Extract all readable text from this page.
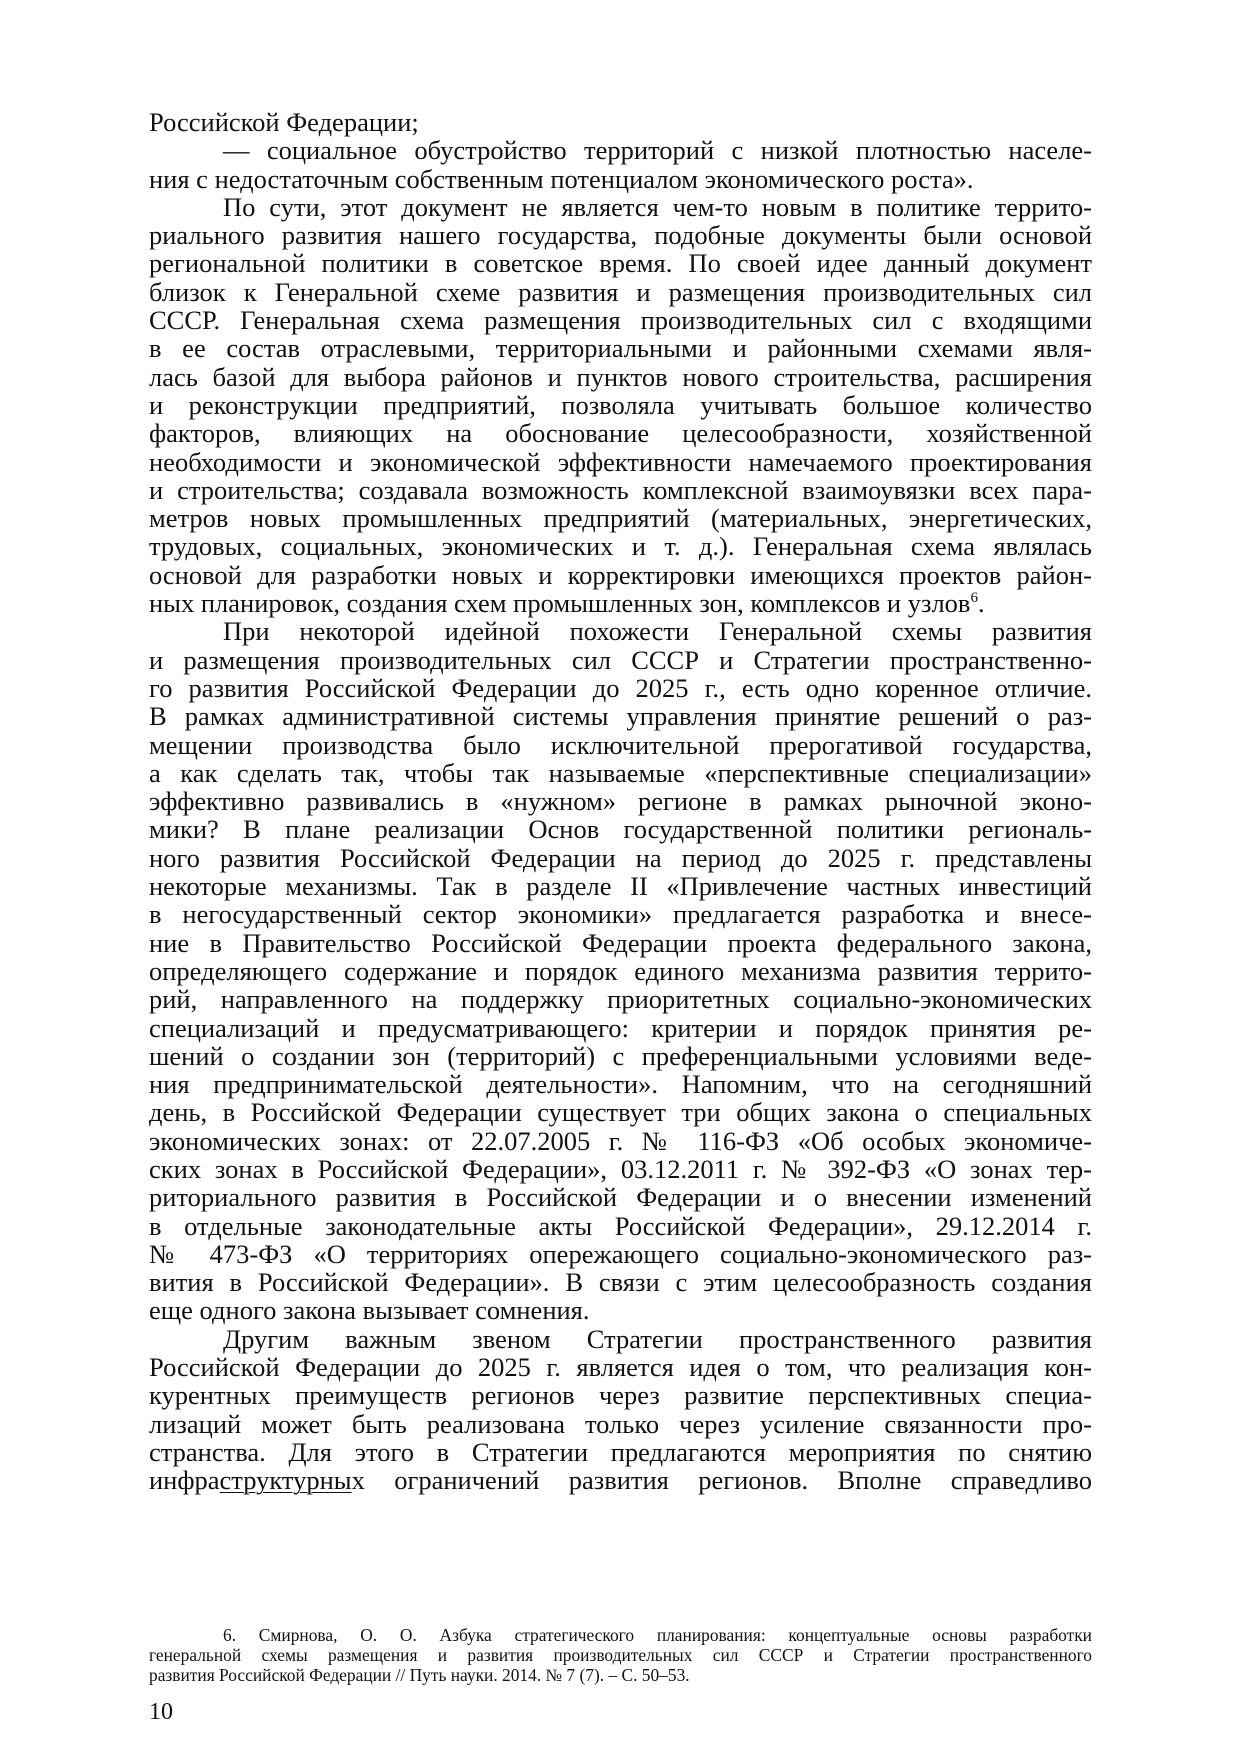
Российской Федерации;
— социальное обустройство территорий с низкой плотностью населе-
ния с недостаточным собственным потенциалом экономического роста».
По сути, этот документ не является чем-то новым в политике террито-
риального развития нашего государства, подобные документы были основой
региональной политики в советское время. По своей идее данный документ
близок к Генеральной схеме развития и размещения производительных сил
СССР. Генеральная схема размещения производительных сил с входящими
в ее состав отраслевыми, территориальными и районными схемами явля-
лась базой для выбора районов и пунктов нового строительства, расширения
и реконструкции предприятий, позволяла учитывать большое количество
факторов, влияющих на обоснование целесообразности, хозяйственной
необходимости и экономической эффективности намечаемого проектирования
и строительства; создавала возможность комплексной взаимоувязки всех пара-
метров новых промышленных предприятий (материальных, энергетических,
трудовых, социальных, экономических и т. д.). Генеральная схема являлась
основой для разработки новых и корректировки имеющихся проектов район-
ных планировок, создания схем промышленных зон, комплексов и узлов$^6$.
При некоторой идейной похожести Генеральной схемы развития
и размещения производительных сил СССР и Стратегии пространственно-
го развития Российской Федерации до 2025 г., есть одно коренное отличие.
В рамках административной системы управления принятие решений о раз-
мещении производства было исключительной прерогативой государства,
а как сделать так, чтобы так называемые «перспективные специализации»
эффективно развивались в «нужном» регионе в рамках рыночной эконо-
мики? В плане реализации Основ государственной политики региональ-
ного развития Российской Федерации на период до 2025 г. представлены
некоторые механизмы. Так в разделе II «Привлечение частных инвестиций
в негосударственный сектор экономики» предлагается разработка и внесе-
ние в Правительство Российской Федерации проекта федерального закона,
определяющего содержание и порядок единого механизма развития террито-
рий, направленного на поддержку приоритетных социально-экономических
специализаций и предусматривающего: критерии и порядок принятия ре-
шений о создании зон (территорий) с преференциальными условиями веде-
ния предпринимательской деятельности». Напомним, что на сегодняшний
день, в Российской Федерации существует три общих закона о специальных
экономических зонах: от 22.07.2005 г. № 116-ФЗ «Об особых экономиче-
ских зонах в Российской Федерации», 03.12.2011 г. № 392-ФЗ «О зонах тер-
риториального развития в Российской Федерации и о внесении изменений
в отдельные законодательные акты Российской Федерации», 29.12.2014 г.
№ 473-ФЗ «О территориях опережающего социально-экономического раз-
вития в Российской Федерации». В связи с этим целесообразность создания
еще одного закона вызывает сомнения.
Другим важным звеном Стратегии пространственного развития
Российской Федерации до 2025 г. является идея о том, что реализация кон-
курентных преимуществ регионов через развитие перспективных специа-
лизаций может быть реализована только через усиление связанности про-
странства. Для этого в Стратегии предлагаются мероприятия по снятию
инфраструктурных ограничений развития регионов. Вполне справедливо
6. Смирнова, О. О. Азбука стратегического планирования: концептуальные основы разработки
генеральной схемы размещения и развития производительных сил СССР и Стратегии пространственного
развития Российской Федерации // Путь науки. 2014. № 7 (7). – С. 50–53.
10
